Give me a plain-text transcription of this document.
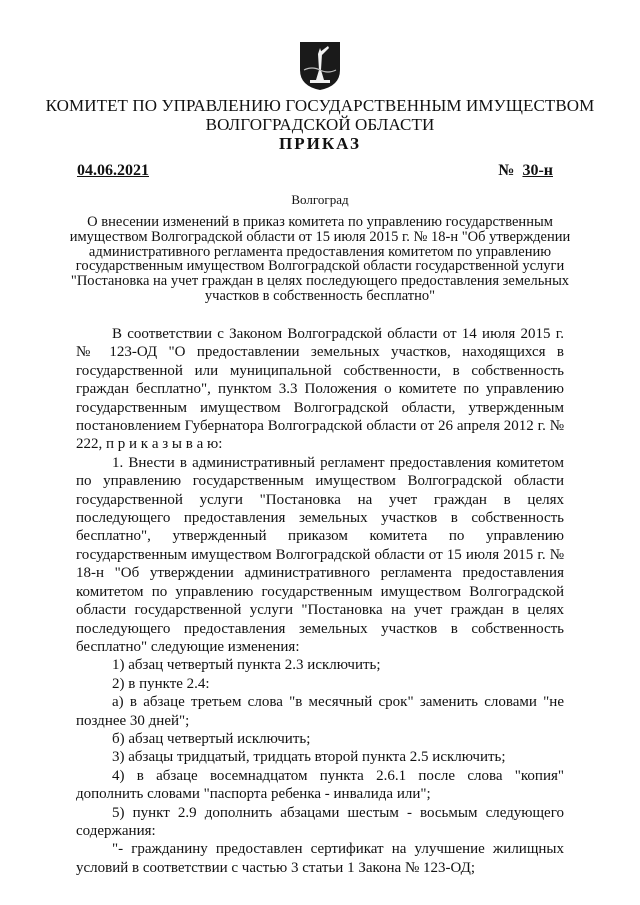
КОМИТЕТ ПО УПРАВЛЕНИЮ ГОСУДАРСТВЕННЫМ ИМУЩЕСТВОМ
ВОЛГОГРАДСКОЙ ОБЛАСТИ
ПРИКАЗ
04.06.2021	№ 30-н
Волгоград
О внесении изменений в приказ комитета по управлению государственным имуществом Волгоградской области от 15 июля 2015 г. № 18-н "Об утверждении административного регламента предоставления комитетом по управлению государственным имуществом Волгоградской области государственной услуги "Постановка на учет граждан в целях последующего предоставления земельных участков в собственность бесплатно"

В соответствии с Законом Волгоградской области от 14 июля 2015 г. № 123-ОД "О предоставлении земельных участков, находящихся в государственной или муниципальной собственности, в собственность граждан бесплатно", пунктом 3.3 Положения о комитете по управлению государственным имуществом Волгоградской области, утвержденным постановлением Губернатора Волгоградской области от 26 апреля 2012 г. № 222, п р и к а з ы в а ю:

1. Внести в административный регламент предоставления комитетом по управлению государственным имуществом Волгоградской области государственной услуги "Постановка на учет граждан в целях последующего предоставления земельных участков в собственность бесплатно", утвержденный приказом комитета по управлению государственным имуществом Волгоградской области от 15 июля 2015 г. № 18-н "Об утверждении административного регламента предоставления комитетом по управлению государственным имуществом Волгоградской области государственной услуги "Постановка на учет граждан в целях последующего предоставления земельных участков в собственность бесплатно" следующие изменения:

1) абзац четвертый пункта 2.3 исключить;

2) в пункте 2.4:

а) в абзаце третьем слова "в месячный срок" заменить словами "не позднее 30 дней";

б) абзац четвертый исключить;

3) абзацы тридцатый, тридцать второй пункта 2.5 исключить;

4) в абзаце восемнадцатом пункта 2.6.1 после слова "копия" дополнить словами "паспорта ребенка - инвалида или";

5) пункт 2.9 дополнить абзацами шестым - восьмым следующего содержания:

"- гражданину предоставлен сертификат на улучшение жилищных условий в соответствии с частью 3 статьи 1 Закона № 123-ОД;
